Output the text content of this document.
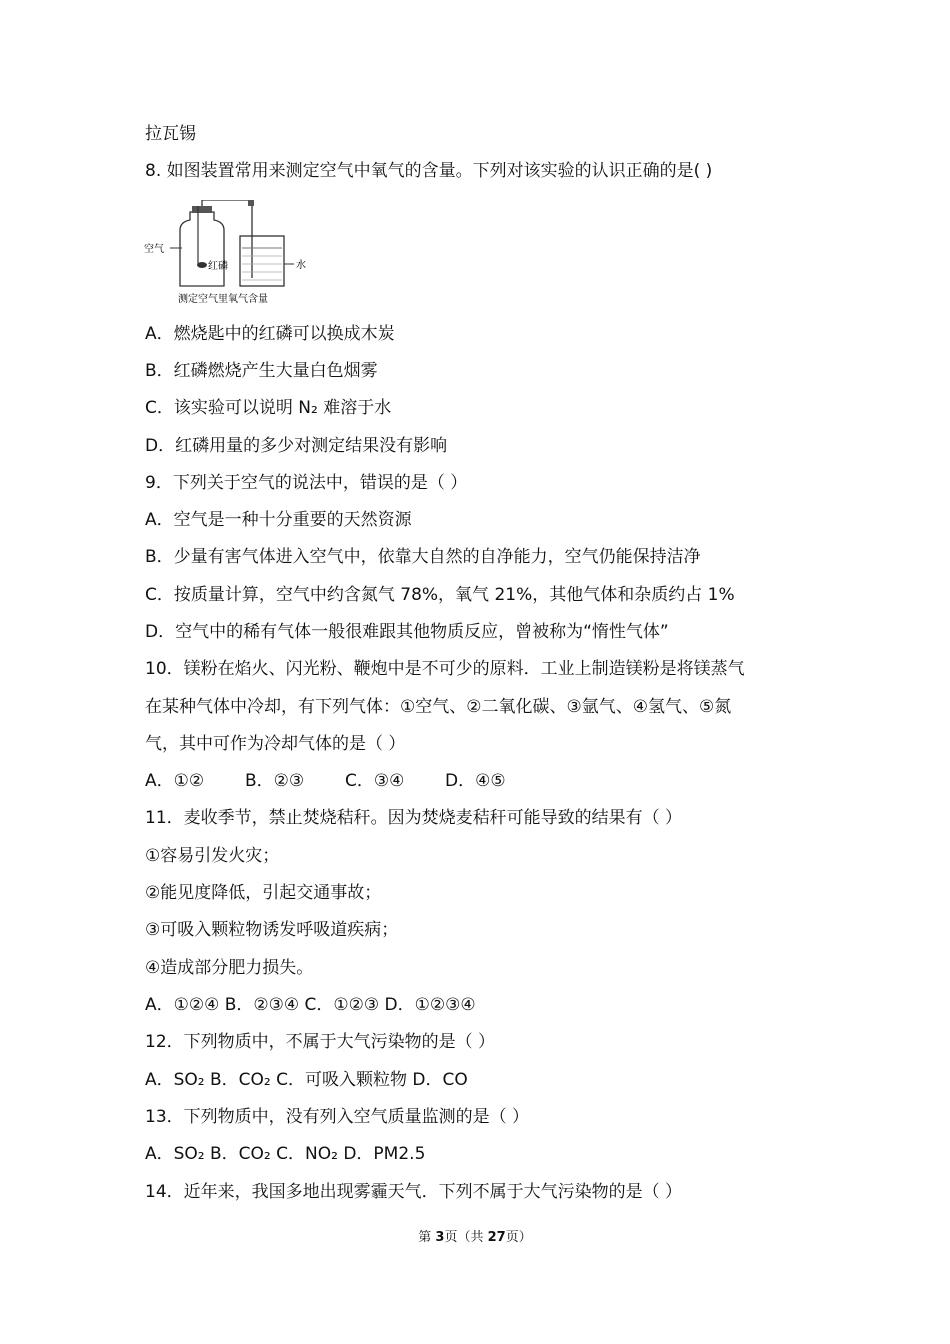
拉瓦锡
8. 如图装置常用来测定空气中氧气的含量。下列对该实验的认识正确的是( )
空气
红磷	水
测定空气里氧气含量
A．燃烧匙中的红磷可以换成木炭
B．红磷燃烧产生大量白色烟雾
C．该实验可以说明 N₂ 难溶于水
D．红磷用量的多少对测定结果没有影响
9．下列关于空气的说法中，错误的是（ ）
A．空气是一种十分重要的天然资源
B．少量有害气体进入空气中，依靠大自然的自净能力，空气仍能保持洁净
C．按质量计算，空气中约含氮气 78%，氧气 21%，其他气体和杂质约占 1%
D．空气中的稀有气体一般很难跟其他物质反应，曾被称为“惰性气体”
10．镁粉在焰火、闪光粉、鞭炮中是不可少的原料．工业上制造镁粉是将镁蒸气
在某种气体中冷却，有下列气体：①空气、②二氧化碳、③氩气、④氢气、⑤氮
气，其中可作为冷却气体的是（ ）
A．①② B．②③ C．③④ D．④⑤
11．麦收季节，禁止焚烧秸秆。因为焚烧麦秸秆可能导致的结果有（ ）
①容易引发火灾；
②能见度降低，引起交通事故；
③可吸入颗粒物诱发呼吸道疾病；
④造成部分肥力损失。
A．①②④ B．②③④ C．①②③ D．①②③④
12．下列物质中，不属于大气污染物的是（ ）
A．SO₂ B．CO₂ C．可吸入颗粒物 D．CO
13．下列物质中，没有列入空气质量监测的是（ ）
A．SO₂ B．CO₂ C．NO₂ D．PM2.5
14．近年来，我国多地出现雾霾天气．下列不属于大气污染物的是（ ）
第 3页（共 27页）
